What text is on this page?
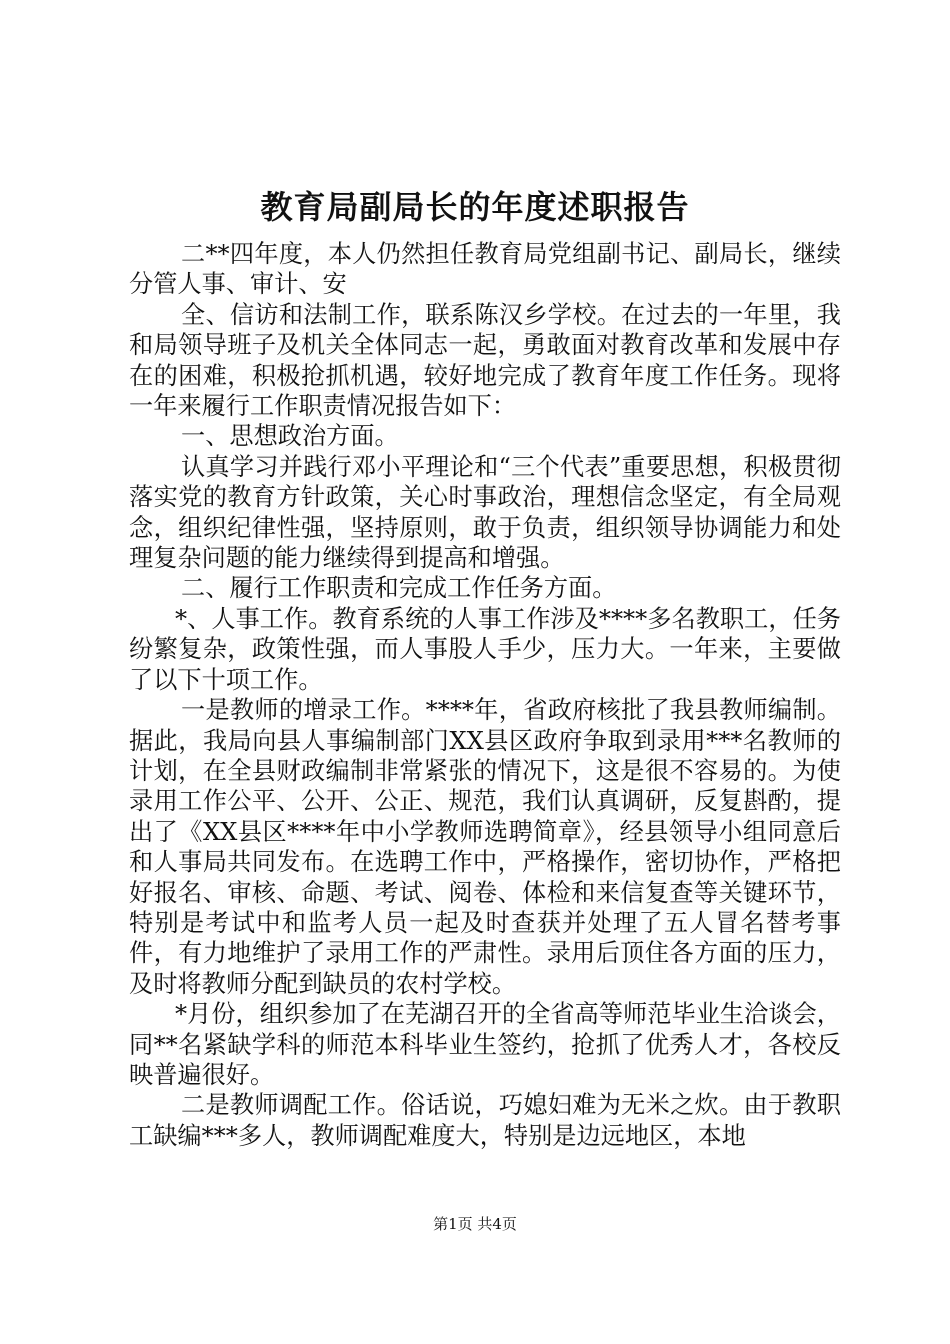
教育局副局长的年度述职报告

二**四年度，本人仍然担任教育局党组副书记、副局长，继续分管人事、审计、安

全、信访和法制工作，联系陈汉乡学校。在过去的一年里，我和局领导班子及机关全体同志一起，勇敢面对教育改革和发展中存在的困难，积极抢抓机遇，较好地完成了教育年度工作任务。现将一年来履行工作职责情况报告如下：

一、思想政治方面。

认真学习并践行邓小平理论和“三个代表”重要思想，积极贯彻落实党的教育方针政策，关心时事政治，理想信念坚定，有全局观念，组织纪律性强，坚持原则，敢于负责，组织领导协调能力和处理复杂问题的能力继续得到提高和增强。

二、履行工作职责和完成工作任务方面。

*、人事工作。教育系统的人事工作涉及****多名教职工，任务纷繁复杂，政策性强，而人事股人手少，压力大。一年来，主要做了以下十项工作。

一是教师的增录工作。****年，省政府核批了我县教师编制。据此，我局向县人事编制部门XX县区政府争取到录用***名教师的计划，在全县财政编制非常紧张的情况下，这是很不容易的。为使录用工作公平、公开、公正、规范，我们认真调研，反复斟酌，提出了《XX县区****年中小学教师选聘简章》，经县领导小组同意后和人事局共同发布。在选聘工作中，严格操作，密切协作，严格把好报名、审核、命题、考试、阅卷、体检和来信复查等关键环节，特别是考试中和监考人员一起及时查获并处理了五人冒名替考事件，有力地维护了录用工作的严肃性。录用后顶住各方面的压力，及时将教师分配到缺员的农村学校。

*月份，组织参加了在芜湖召开的全省高等师范毕业生洽谈会，同**名紧缺学科的师范本科毕业生签约，抢抓了优秀人才，各校反映普遍很好。

二是教师调配工作。俗话说，巧媳妇难为无米之炊。由于教职工缺编***多人，教师调配难度大，特别是边远地区，本地

第1页 共4页
